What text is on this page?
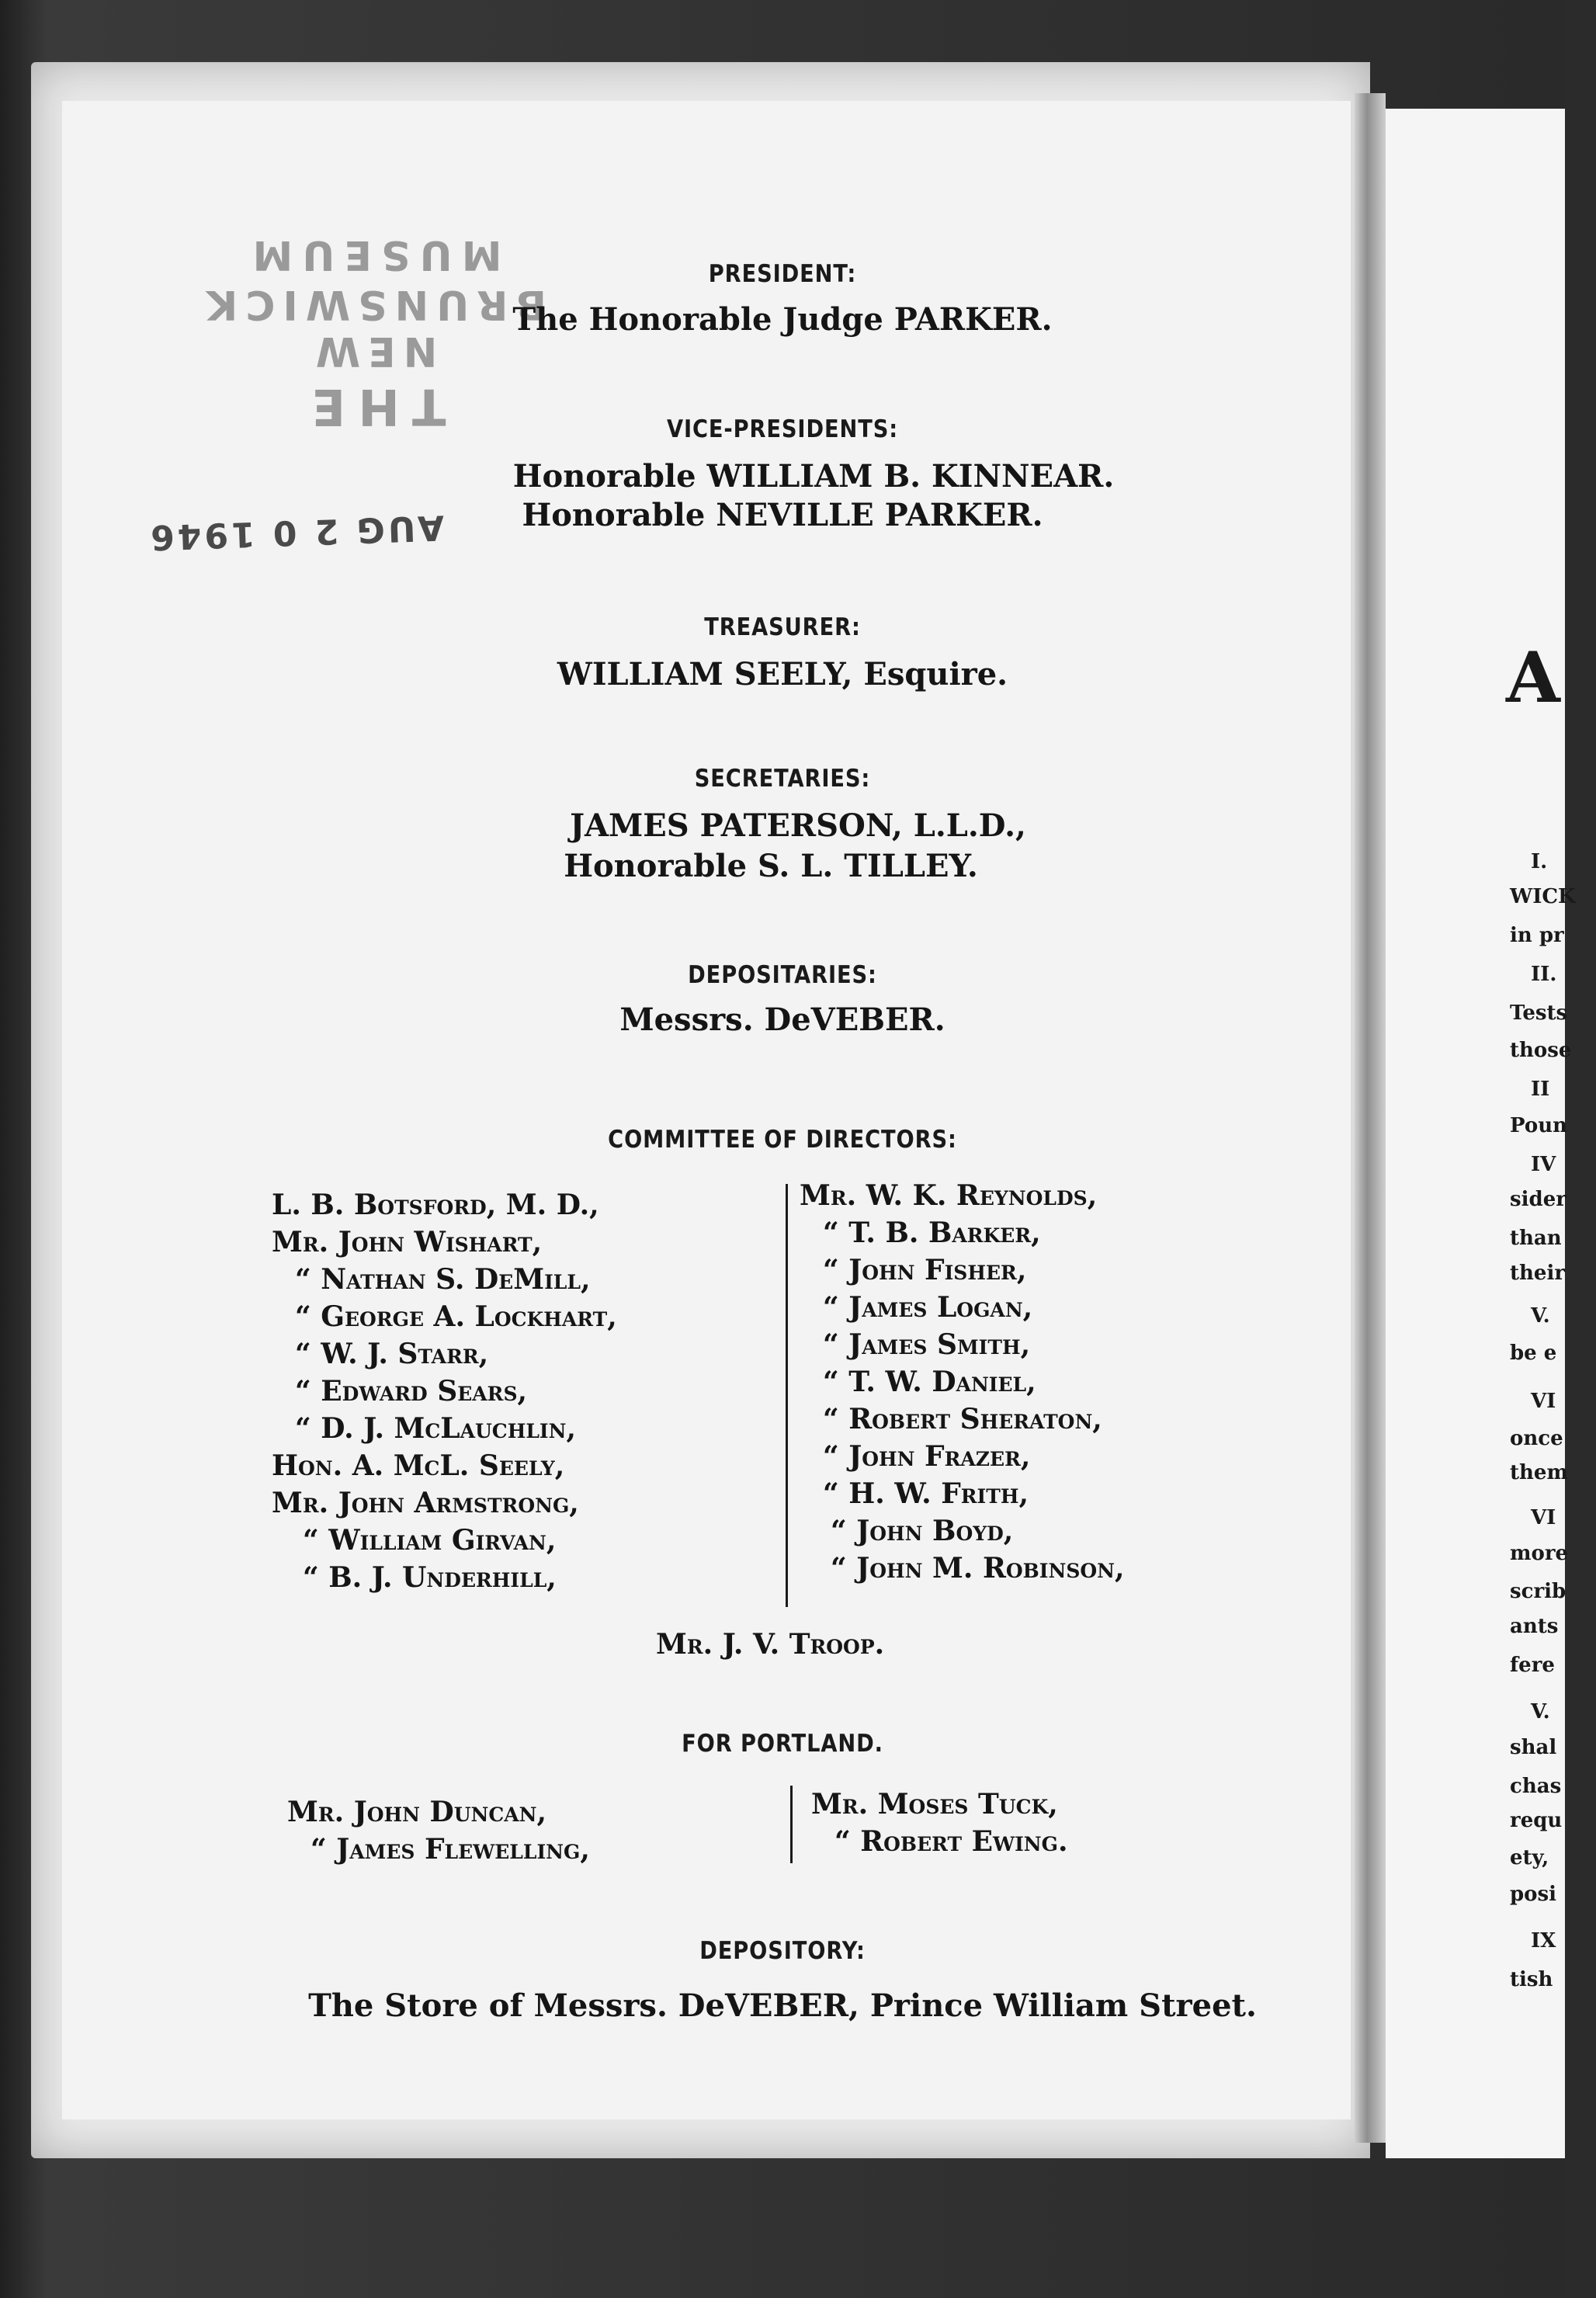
THE
NEW BRUNSWICK
MUSEUM
AUG 2 0 1946
PRESIDENT:
The Honorable Judge PARKER.
VICE-PRESIDENTS:
Honorable WILLIAM B. KINNEAR.
Honorable NEVILLE PARKER.
TREASURER:
WILLIAM SEELY, Esquire.
SECRETARIES:
JAMES PATERSON, L.L.D.,
Honorable S. L. TILLEY.
DEPOSITARIES:
Messrs. DeVEBER.
COMMITTEE OF DIRECTORS:
L. B. Botsford, M. D.,
Mr. John Wishart,
“ Nathan S. DeMill,
“ George A. Lockhart,
“ W. J. Starr,
“ Edward Sears,
“ D. J. McLauchlin,
Hon. A. McL. Seely,
Mr. John Armstrong,
“ William Girvan,
“ B. J. Underhill,
Mr. W. K. Reynolds,
“ T. B. Barker,
“ John Fisher,
“ James Logan,
“ James Smith,
“ T. W. Daniel,
“ Robert Sheraton,
“ John Frazer,
“ H. W. Frith,
“ John Boyd,
“ John M. Robinson,
Mr. J. V. Troop.
FOR PORTLAND.
Mr. John Duncan,
“ James Flewelling,
Mr. Moses Tuck,
“ Robert Ewing.
DEPOSITORY:
The Store of Messrs. DeVEBER, Prince William Street.
A
I.
WICK
in pr
II.
Tests
those
II
Poun
IV
sider
than
their
V.
be e
VI
once
them
VI
more
scrib
ants
fere
V.
shal
chas
requ
ety,
posi
IX
tish
